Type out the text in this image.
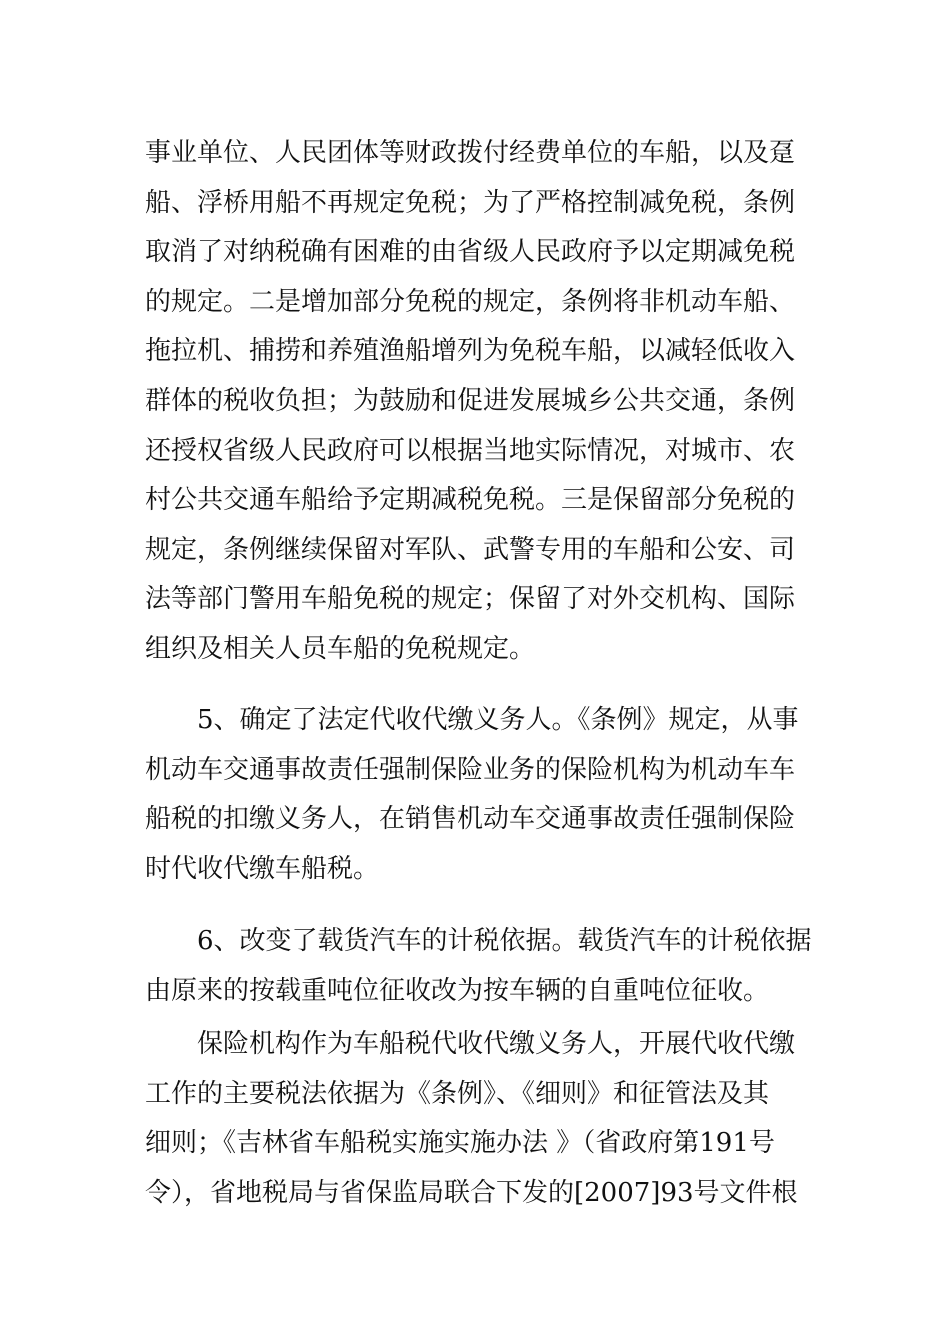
事业单位、人民团体等财政拨付经费单位的车船，以及趸
船、浮桥用船不再规定免税；为了严格控制减免税，条例
取消了对纳税确有困难的由省级人民政府予以定期减免税
的规定。二是增加部分免税的规定，条例将非机动车船、
拖拉机、捕捞和养殖渔船增列为免税车船，以减轻低收入
群体的税收负担；为鼓励和促进发展城乡公共交通，条例
还授权省级人民政府可以根据当地实际情况，对城市、农
村公共交通车船给予定期减税免税。三是保留部分免税的
规定，条例继续保留对军队、武警专用的车船和公安、司
法等部门警用车船免税的规定；保留了对外交机构、国际
组织及相关人员车船的免税规定。

　　5、确定了法定代收代缴义务人。《条例》规定，从事
机动车交通事故责任强制保险业务的保险机构为机动车车
船税的扣缴义务人，在销售机动车交通事故责任强制保险
时代收代缴车船税。

　　6、改变了载货汽车的计税依据。载货汽车的计税依据
由原来的按载重吨位征收改为按车辆的自重吨位征收。

　　保险机构作为车船税代收代缴义务人，开展代收代缴
工作的主要税法依据为《条例》、《细则》和征管法及其
细则；《吉林省车船税实施实施办法 》（省政府第191号
令），省地税局与省保监局联合下发的[2007]93号文件根
